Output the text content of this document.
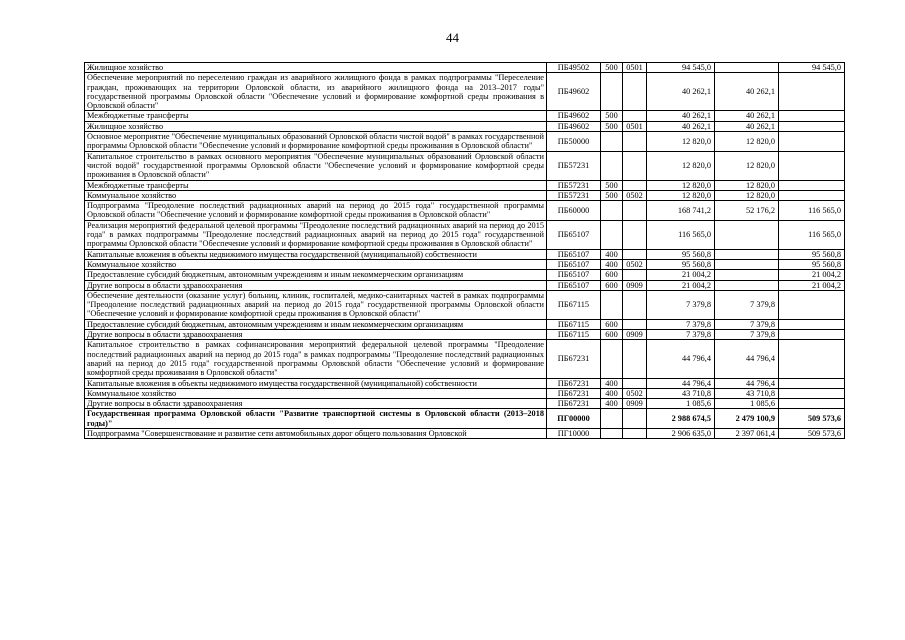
44
Жилищное хозяйство	ПБ49502	500	0501	94 545,0		94 545,0
Обеспечение мероприятий по переселению граждан из аварийного жилищного фонда в рамках подпрограммы "Переселение граждан, проживающих на территории Орловской области, из аварийного жилищного фонда на 2013–2017 годы" государственной программы Орловской области "Обеспечение условий и формирование комфортной среды проживания в Орловской области"	ПБ49602			40 262,1	40 262,1	
Межбюджетные трансферты	ПБ49602	500		40 262,1	40 262,1	
Жилищное хозяйство	ПБ49602	500	0501	40 262,1	40 262,1	
Основное мероприятие "Обеспечение муниципальных образований Орловской области чистой водой" в рамках государственной программы Орловской области "Обеспечение условий и формирование комфортной среды проживания в Орловской области"	ПБ50000			12 820,0	12 820,0	
Капитальное строительство в рамках основного мероприятия "Обеспечение муниципальных образований Орловской области чистой водой" государственной программы Орловской области "Обеспечение условий и формирование комфортной среды проживания в Орловской области"	ПБ57231			12 820,0	12 820,0	
Межбюджетные трансферты	ПБ57231	500		12 820,0	12 820,0	
Коммунальное хозяйство	ПБ57231	500	0502	12 820,0	12 820,0	
Подпрограмма "Преодоление последствий радиационных аварий на период до 2015 года" государственной программы Орловской области "Обеспечение условий и формирование комфортной среды проживания в Орловской области"	ПБ60000			168 741,2	52 176,2	116 565,0
Реализация мероприятий федеральной целевой программы "Преодоление последствий радиационных аварий на период до 2015 года" в рамках подпрограммы "Преодоление последствий радиационных аварий на период до 2015 года" государственной программы Орловской области "Обеспечение условий и формирование комфортной среды проживания в Орловской области"	ПБ65107			116 565,0		116 565,0
Капитальные вложения в объекты недвижимого имущества государственной (муниципальной) собственности	ПБ65107	400		95 560,8		95 560,8
Коммунальное хозяйство	ПБ65107	400	0502	95 560,8		95 560,8
Предоставление субсидий бюджетным, автономным учреждениям и иным некоммерческим организациям	ПБ65107	600		21 004,2		21 004,2
Другие вопросы в области здравоохранения	ПБ65107	600	0909	21 004,2		21 004,2
Обеспечение деятельности (оказание услуг) больниц, клиник, госпиталей, медико-санитарных частей в рамках подпрограммы "Преодоление последствий радиационных аварий на период до 2015 года" государственной программы Орловской области "Обеспечение условий и формирование комфортной среды проживания в Орловской области"	ПБ67115			7 379,8	7 379,8	
Предоставление субсидий бюджетным, автономным учреждениям и иным некоммерческим организациям	ПБ67115	600		7 379,8	7 379,8	
Другие вопросы в области здравоохранения	ПБ67115	600	0909	7 379,8	7 379,8	
Капитальное строительство в рамках софинансирования мероприятий федеральной целевой программы "Преодоление последствий радиационных аварий на период до 2015 года" в рамках подпрограммы "Преодоление последствий радиационных аварий на период до 2015 года" государственной программы Орловской области "Обеспечение условий и формирование комфортной среды проживания в Орловской области"	ПБ67231			44 796,4	44 796,4	
Капитальные вложения в объекты недвижимого имущества государственной (муниципальной) собственности	ПБ67231	400		44 796,4	44 796,4	
Коммунальное хозяйство	ПБ67231	400	0502	43 710,8	43 710,8	
Другие вопросы в области здравоохранения	ПБ67231	400	0909	1 085,6	1 085,6	
Государственная программа Орловской области "Развитие транспортной системы в Орловской области (2013–2018 годы)"	ПГ00000			2 988 674,5	2 479 100,9	509 573,6
Подпрограмма "Совершенствование и развитие сети автомобильных дорог общего пользования Орловской	ПГ10000			2 906 635,0	2 397 061,4	509 573,6
